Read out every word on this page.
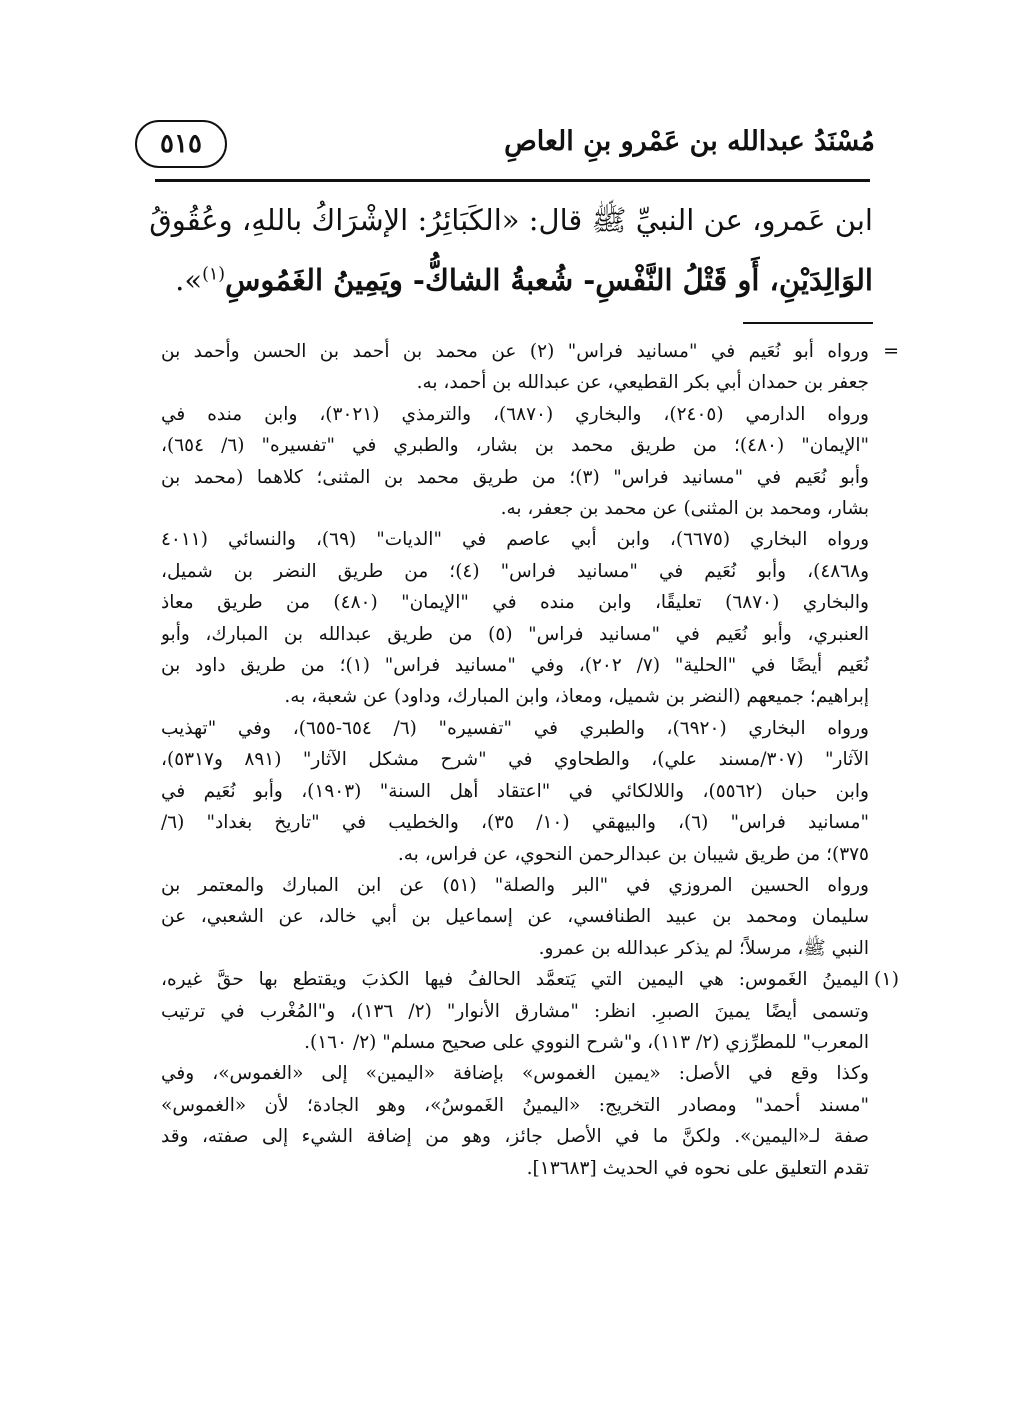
مُسْنَدُ عبدالله بن عَمْرو بنِ العاصِ
٥١٥
ابن عَمرو، عن النبيِّ ﷺ قال: «الكَبَائِرُ: الإشْرَاكُ باللهِ، وعُقُوقُ
الوَالِدَيْنِ، أَو قَتْلُ النَّفْسِ- شُعبةُ الشاكُّ- ويَمِينُ الغَمُوسِ$^{(١)}$».
=
ورواه أبو نُعَيم في "مسانيد فراس" (٢) عن محمد بن أحمد بن الحسن وأحمد بن
جعفر بن حمدان أبي بكر القطيعي، عن عبدالله بن أحمد، به.
ورواه الدارمي (٢٤٠٥)، والبخاري (٦٨٧٠)، والترمذي (٣٠٢١)، وابن منده في
"الإيمان" (٤٨٠)؛ من طريق محمد بن بشار، والطبري في "تفسيره" (٦/ ٦٥٤)،
وأبو نُعَيم في "مسانيد فراس" (٣)؛ من طريق محمد بن المثنى؛ كلاهما (محمد بن
بشار، ومحمد بن المثنى) عن محمد بن جعفر، به.
ورواه البخاري (٦٦٧٥)، وابن أبي عاصم في "الديات" (٦٩)، والنسائي (٤٠١١
و٤٨٦٨)، وأبو نُعَيم في "مسانيد فراس" (٤)؛ من طريق النضر بن شميل،
والبخاري (٦٨٧٠) تعليقًا، وابن منده في "الإيمان" (٤٨٠) من طريق معاذ
العنبري، وأبو نُعَيم في "مسانيد فراس" (٥) من طريق عبدالله بن المبارك، وأبو
نُعَيم أيضًا في "الحلية" (٧/ ٢٠٢)، وفي "مسانيد فراس" (١)؛ من طريق داود بن
إبراهيم؛ جميعهم (النضر بن شميل، ومعاذ، وابن المبارك، وداود) عن شعبة، به.
ورواه البخاري (٦٩٢٠)، والطبري في "تفسيره" (٦/ ٦٥٤-٦٥٥)، وفي "تهذيب
الآثار" (٣٠٧/مسند علي)، والطحاوي في "شرح مشكل الآثار" (٨٩١ و٥٣١٧)،
وابن حبان (٥٥٦٢)، واللالكائي في "اعتقاد أهل السنة" (١٩٠٣)، وأبو نُعَيم في
"مسانيد فراس" (٦)، والبيهقي (١٠/ ٣٥)، والخطيب في "تاريخ بغداد" (٦/
٣٧٥)؛ من طريق شيبان بن عبدالرحمن النحوي، عن فراس، به.
ورواه الحسين المروزي في "البر والصلة" (٥١) عن ابن المبارك والمعتمر بن
سليمان ومحمد بن عبيد الطنافسي، عن إسماعيل بن أبي خالد، عن الشعبي، عن
النبي ﷺ، مرسلاً؛ لم يذكر عبدالله بن عمرو.
(١)
اليمينُ الغَموس: هي اليمين التي يَتعمَّد الحالفُ فيها الكذبَ ويقتطع بها حقَّ غيره،
وتسمى أيضًا يمينَ الصبرِ. انظر: "مشارق الأنوار" (٢/ ١٣٦)، و"المُغْرب في ترتيب
المعرب" للمطرِّزي (٢/ ١١٣)، و"شرح النووي على صحيح مسلم" (٢/ ١٦٠).
وكذا وقع في الأصل: «يمين الغموس» بإضافة «اليمين» إلى «الغموس»، وفي
"مسند أحمد" ومصادر التخريج: «اليمينُ الغَموسُ»، وهو الجادة؛ لأن «الغموس»
صفة لـ«اليمين». ولكنَّ ما في الأصل جائز، وهو من إضافة الشيء إلى صفته، وقد
تقدم التعليق على نحوه في الحديث [١٣٦٨٣].
